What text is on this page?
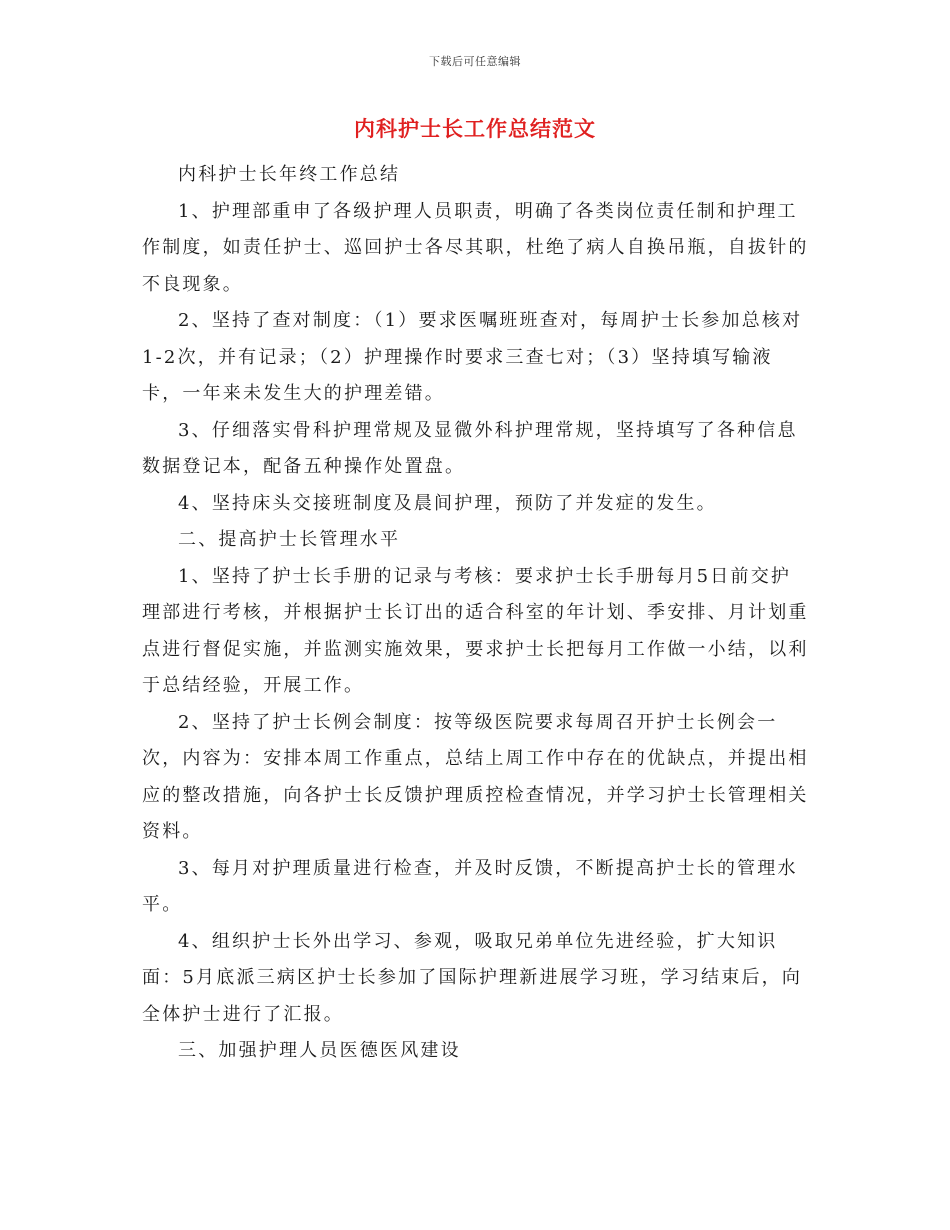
下载后可任意编辑
内科护士长工作总结范文

内科护士长年终工作总结

1、护理部重申了各级护理人员职责，明确了各类岗位责任制和护理工作制度，如责任护士、巡回护士各尽其职，杜绝了病人自换吊瓶，自拔针的不良现象。

2、坚持了查对制度：（1）要求医嘱班班查对，每周护士长参加总核对1-2次，并有记录；（2）护理操作时要求三查七对；（3）坚持填写输液卡，一年来未发生大的护理差错。

3、仔细落实骨科护理常规及显微外科护理常规，坚持填写了各种信息数据登记本，配备五种操作处置盘。

4、坚持床头交接班制度及晨间护理，预防了并发症的发生。

二、提高护士长管理水平

1、坚持了护士长手册的记录与考核：要求护士长手册每月5日前交护理部进行考核，并根据护士长订出的适合科室的年计划、季安排、月计划重点进行督促实施，并监测实施效果，要求护士长把每月工作做一小结，以利于总结经验，开展工作。

2、坚持了护士长例会制度：按等级医院要求每周召开护士长例会一次，内容为：安排本周工作重点，总结上周工作中存在的优缺点，并提出相应的整改措施，向各护士长反馈护理质控检查情况，并学习护士长管理相关资料。

3、每月对护理质量进行检查，并及时反馈，不断提高护士长的管理水平。

4、组织护士长外出学习、参观，吸取兄弟单位先进经验，扩大知识面：5月底派三病区护士长参加了国际护理新进展学习班，学习结束后，向全体护士进行了汇报。

三、加强护理人员医德医风建设
